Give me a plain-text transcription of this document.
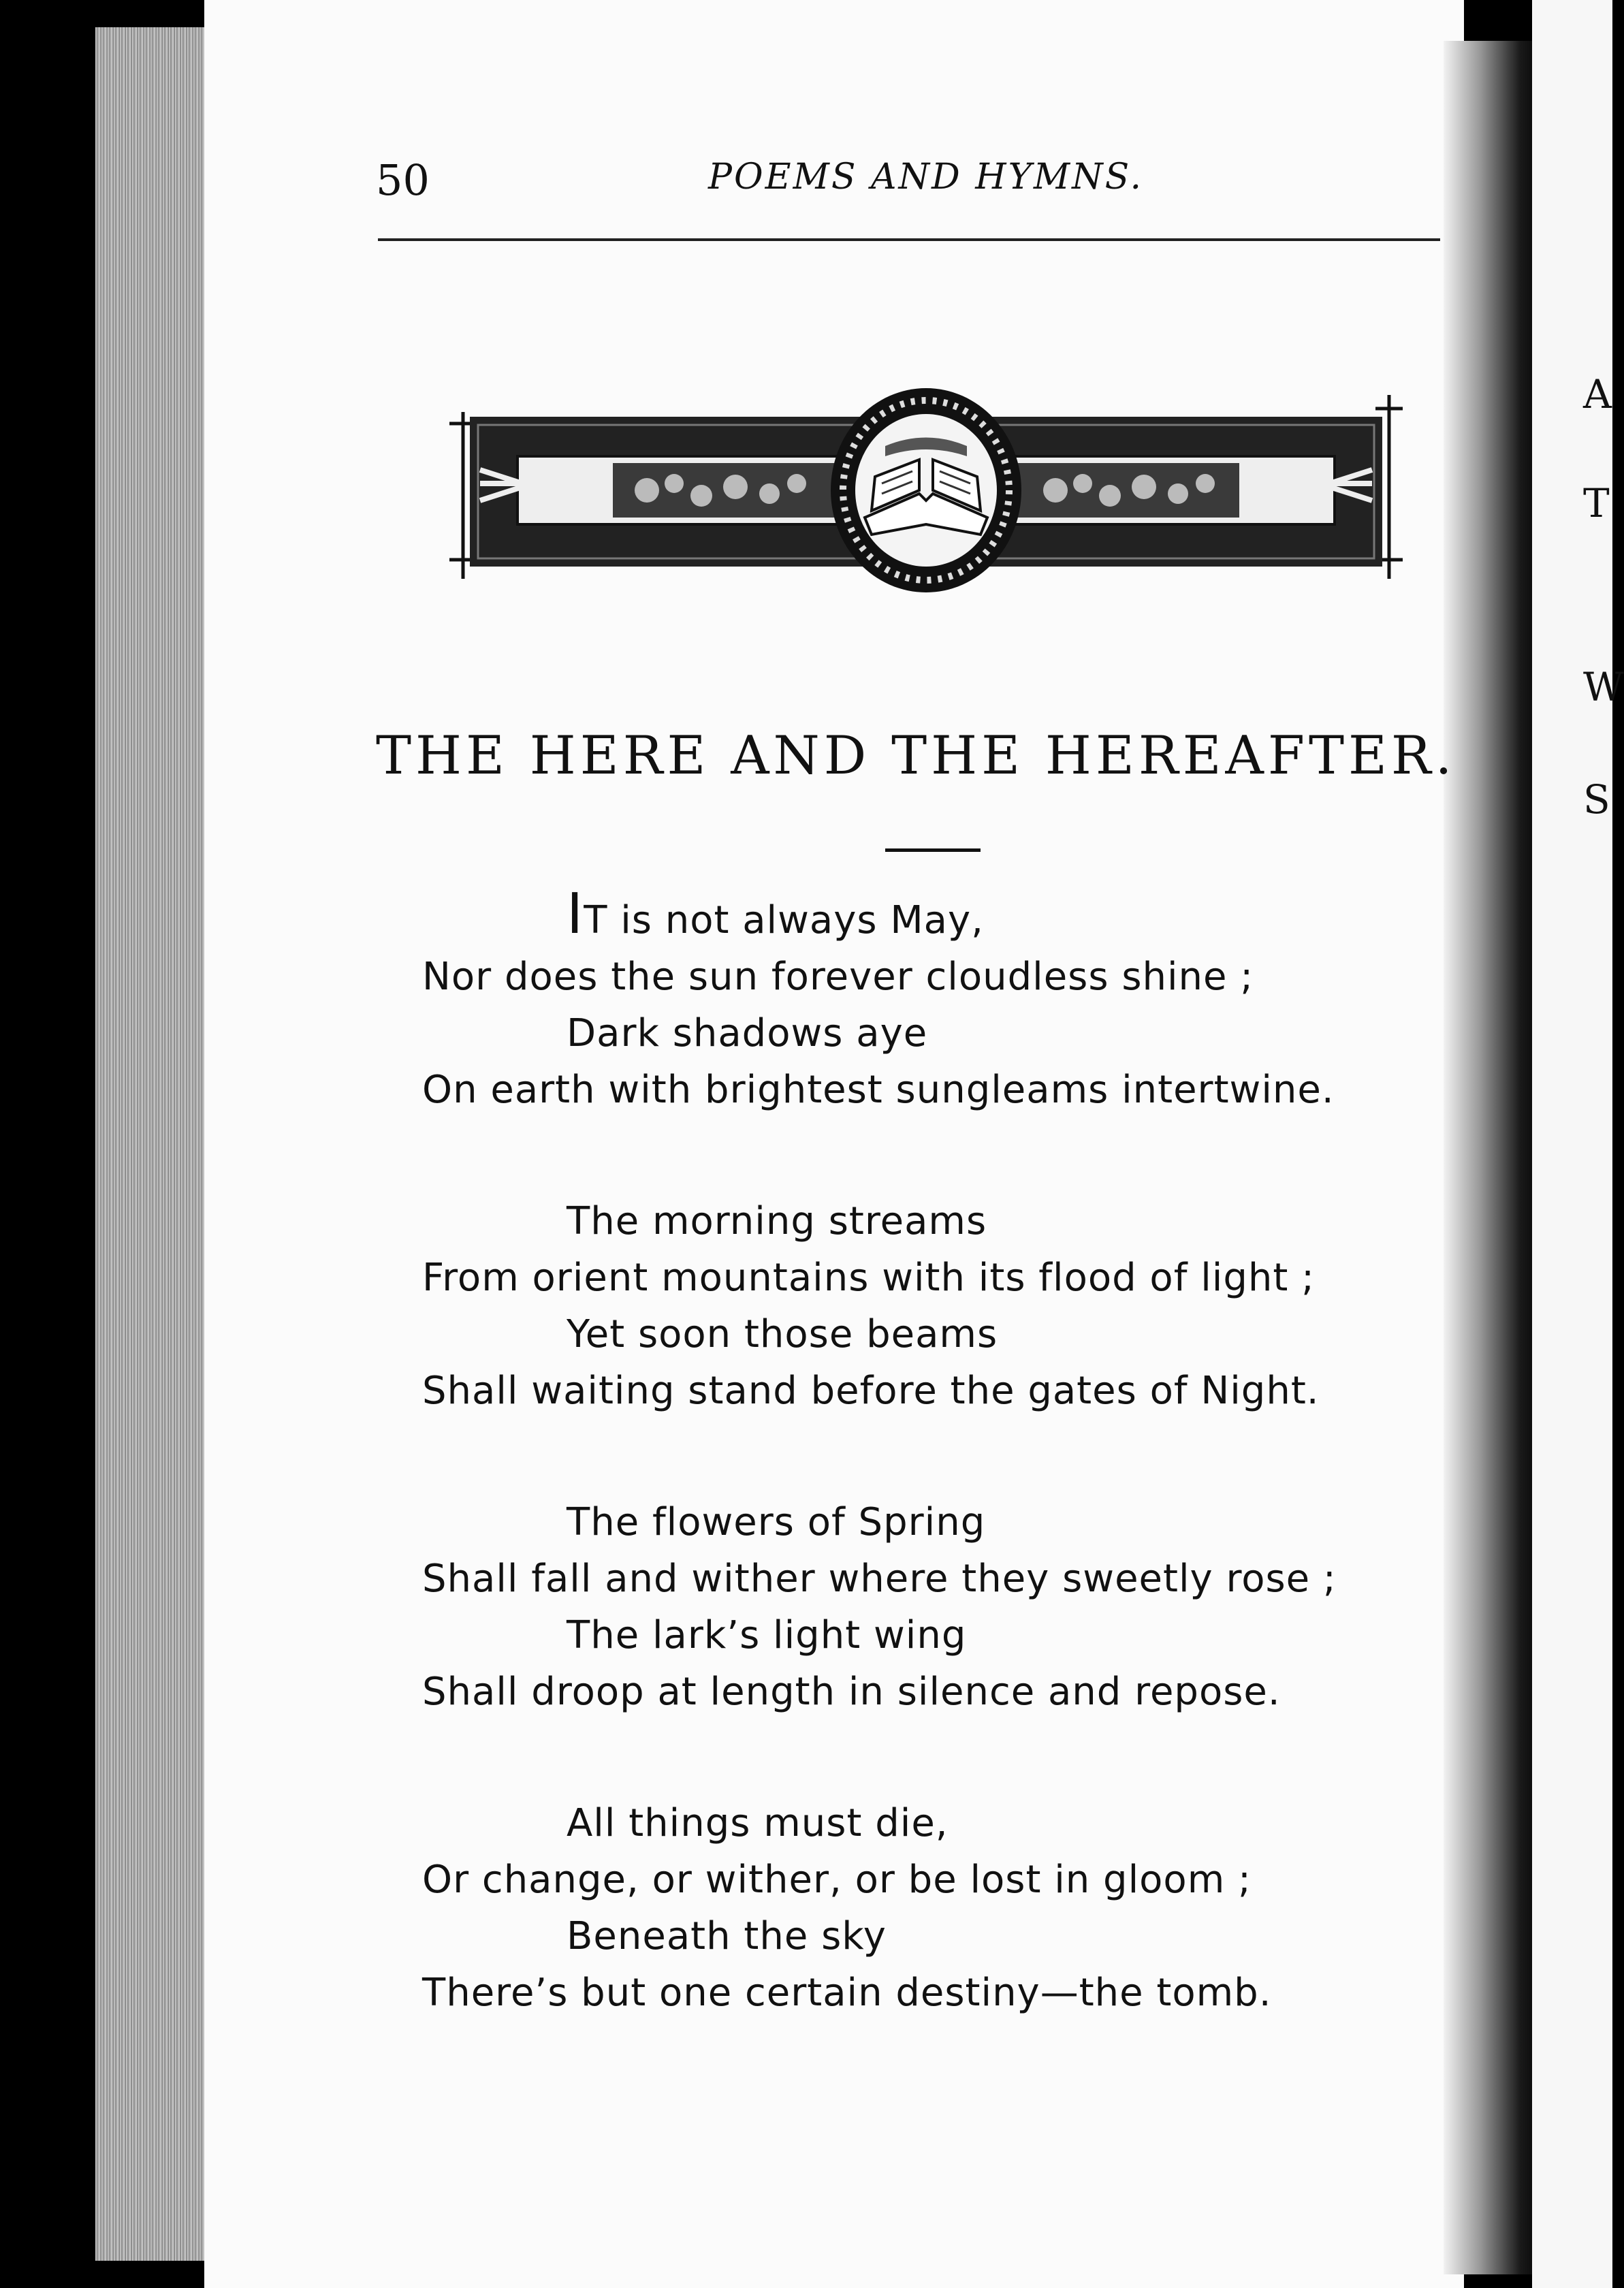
A
T
W
S
50	POEMS AND HYMNS.
THE HERE AND THE HEREAFTER.
IT is not always May,
Nor does the sun forever cloudless shine ;
Dark shadows aye
On earth with brightest sungleams intertwine.
The morning streams
From orient mountains with its flood of light ;
Yet soon those beams
Shall waiting stand before the gates of Night.
The flowers of Spring
Shall fall and wither where they sweetly rose ;
The lark’s light wing
Shall droop at length in silence and repose.
All things must die,
Or change, or wither, or be lost in gloom ;
Beneath the sky
There’s but one certain destiny—the tomb.
